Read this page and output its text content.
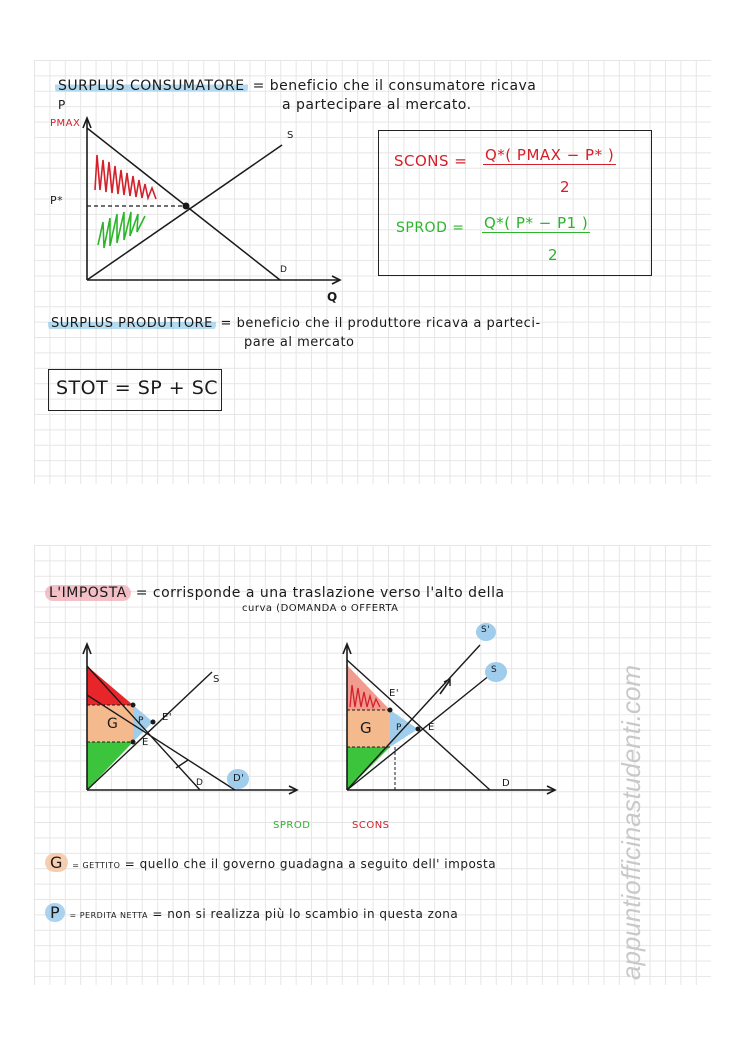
SURPLUS CONSUMATORE = beneficio che il consumatore ricava
a partecipare al mercato.
P
PMAX
P*
S
D
Q
SCONS = Q*( PMAX − P* )
2
SPROD = Q*( P* − P1 )
2
SURPLUS PRODUTTORE = beneficio che il produttore ricava a parteci-
pare al mercato
STOT = SP + SC
L'IMPOSTA = corrisponde a una traslazione verso l'alto della
curva (DOMANDA o OFFERTA
S
G P E'
E
D	D'
S'
S
E'
G	P	E
D
SPROD	SCONS
G = GETTITO = quello che il governo guadagna a seguito dell' imposta
P = PERDITA NETTA = non si realizza più lo scambio in questa zona	appuntiofficinastudenti.com
